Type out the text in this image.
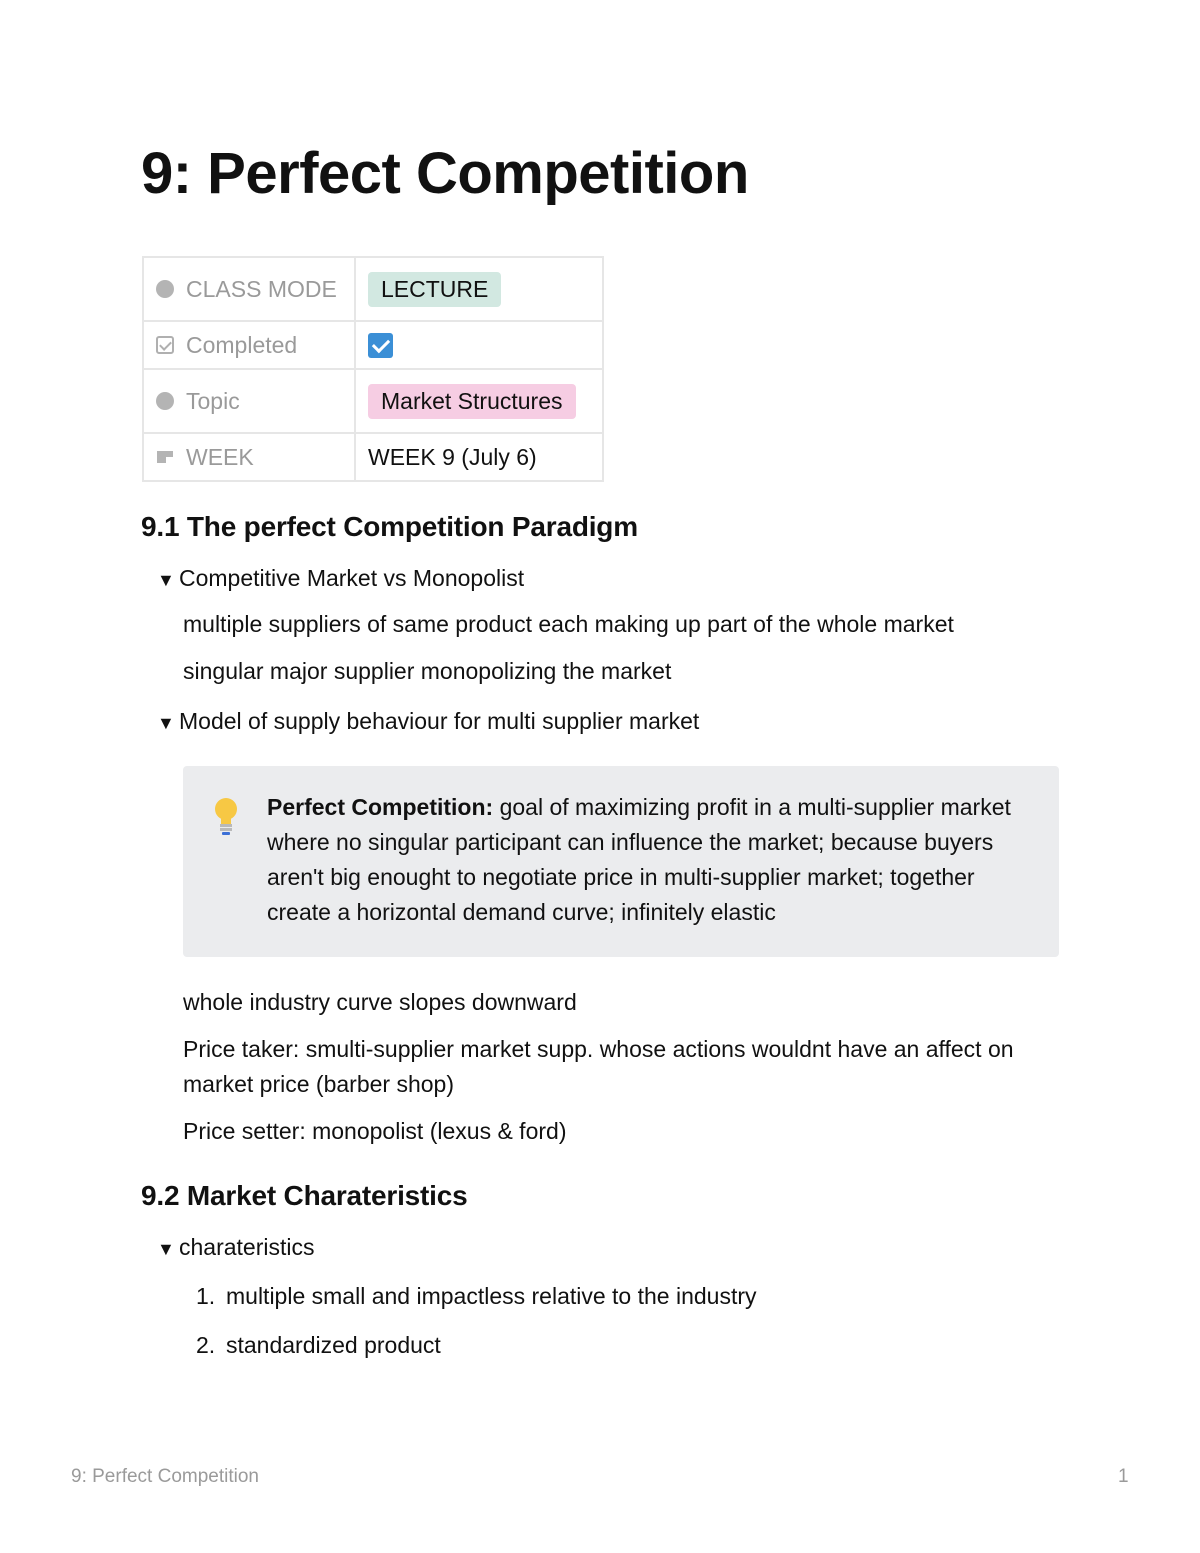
9: Perfect Competition
CLASS MODE	LECTURE

Completed	

Topic	Market Structures

WEEK	WEEK 9 (July 6)
9.1 The perfect Competition Paradigm
▼ Competitive Market vs Monopolist
multiple suppliers of same product each making up part of the whole market
singular major supplier monopolizing the market
▼ Model of supply behaviour for multi supplier market
Perfect Competition: goal of maximizing profit in a multi-supplier market where no singular participant can influence the market; because buyers aren't big enought to negotiate price in multi-supplier market; together create a horizontal demand curve; infinitely elastic
whole industry curve slopes downward
Price taker: smulti-supplier market supp. whose actions wouldnt have an affect on market price (barber shop)
Price setter: monopolist (lexus & ford)
9.2 Market Charateristics
▼ charateristics
1. multiple small and impactless relative to the industry
2. standardized product
9: Perfect Competition	1
